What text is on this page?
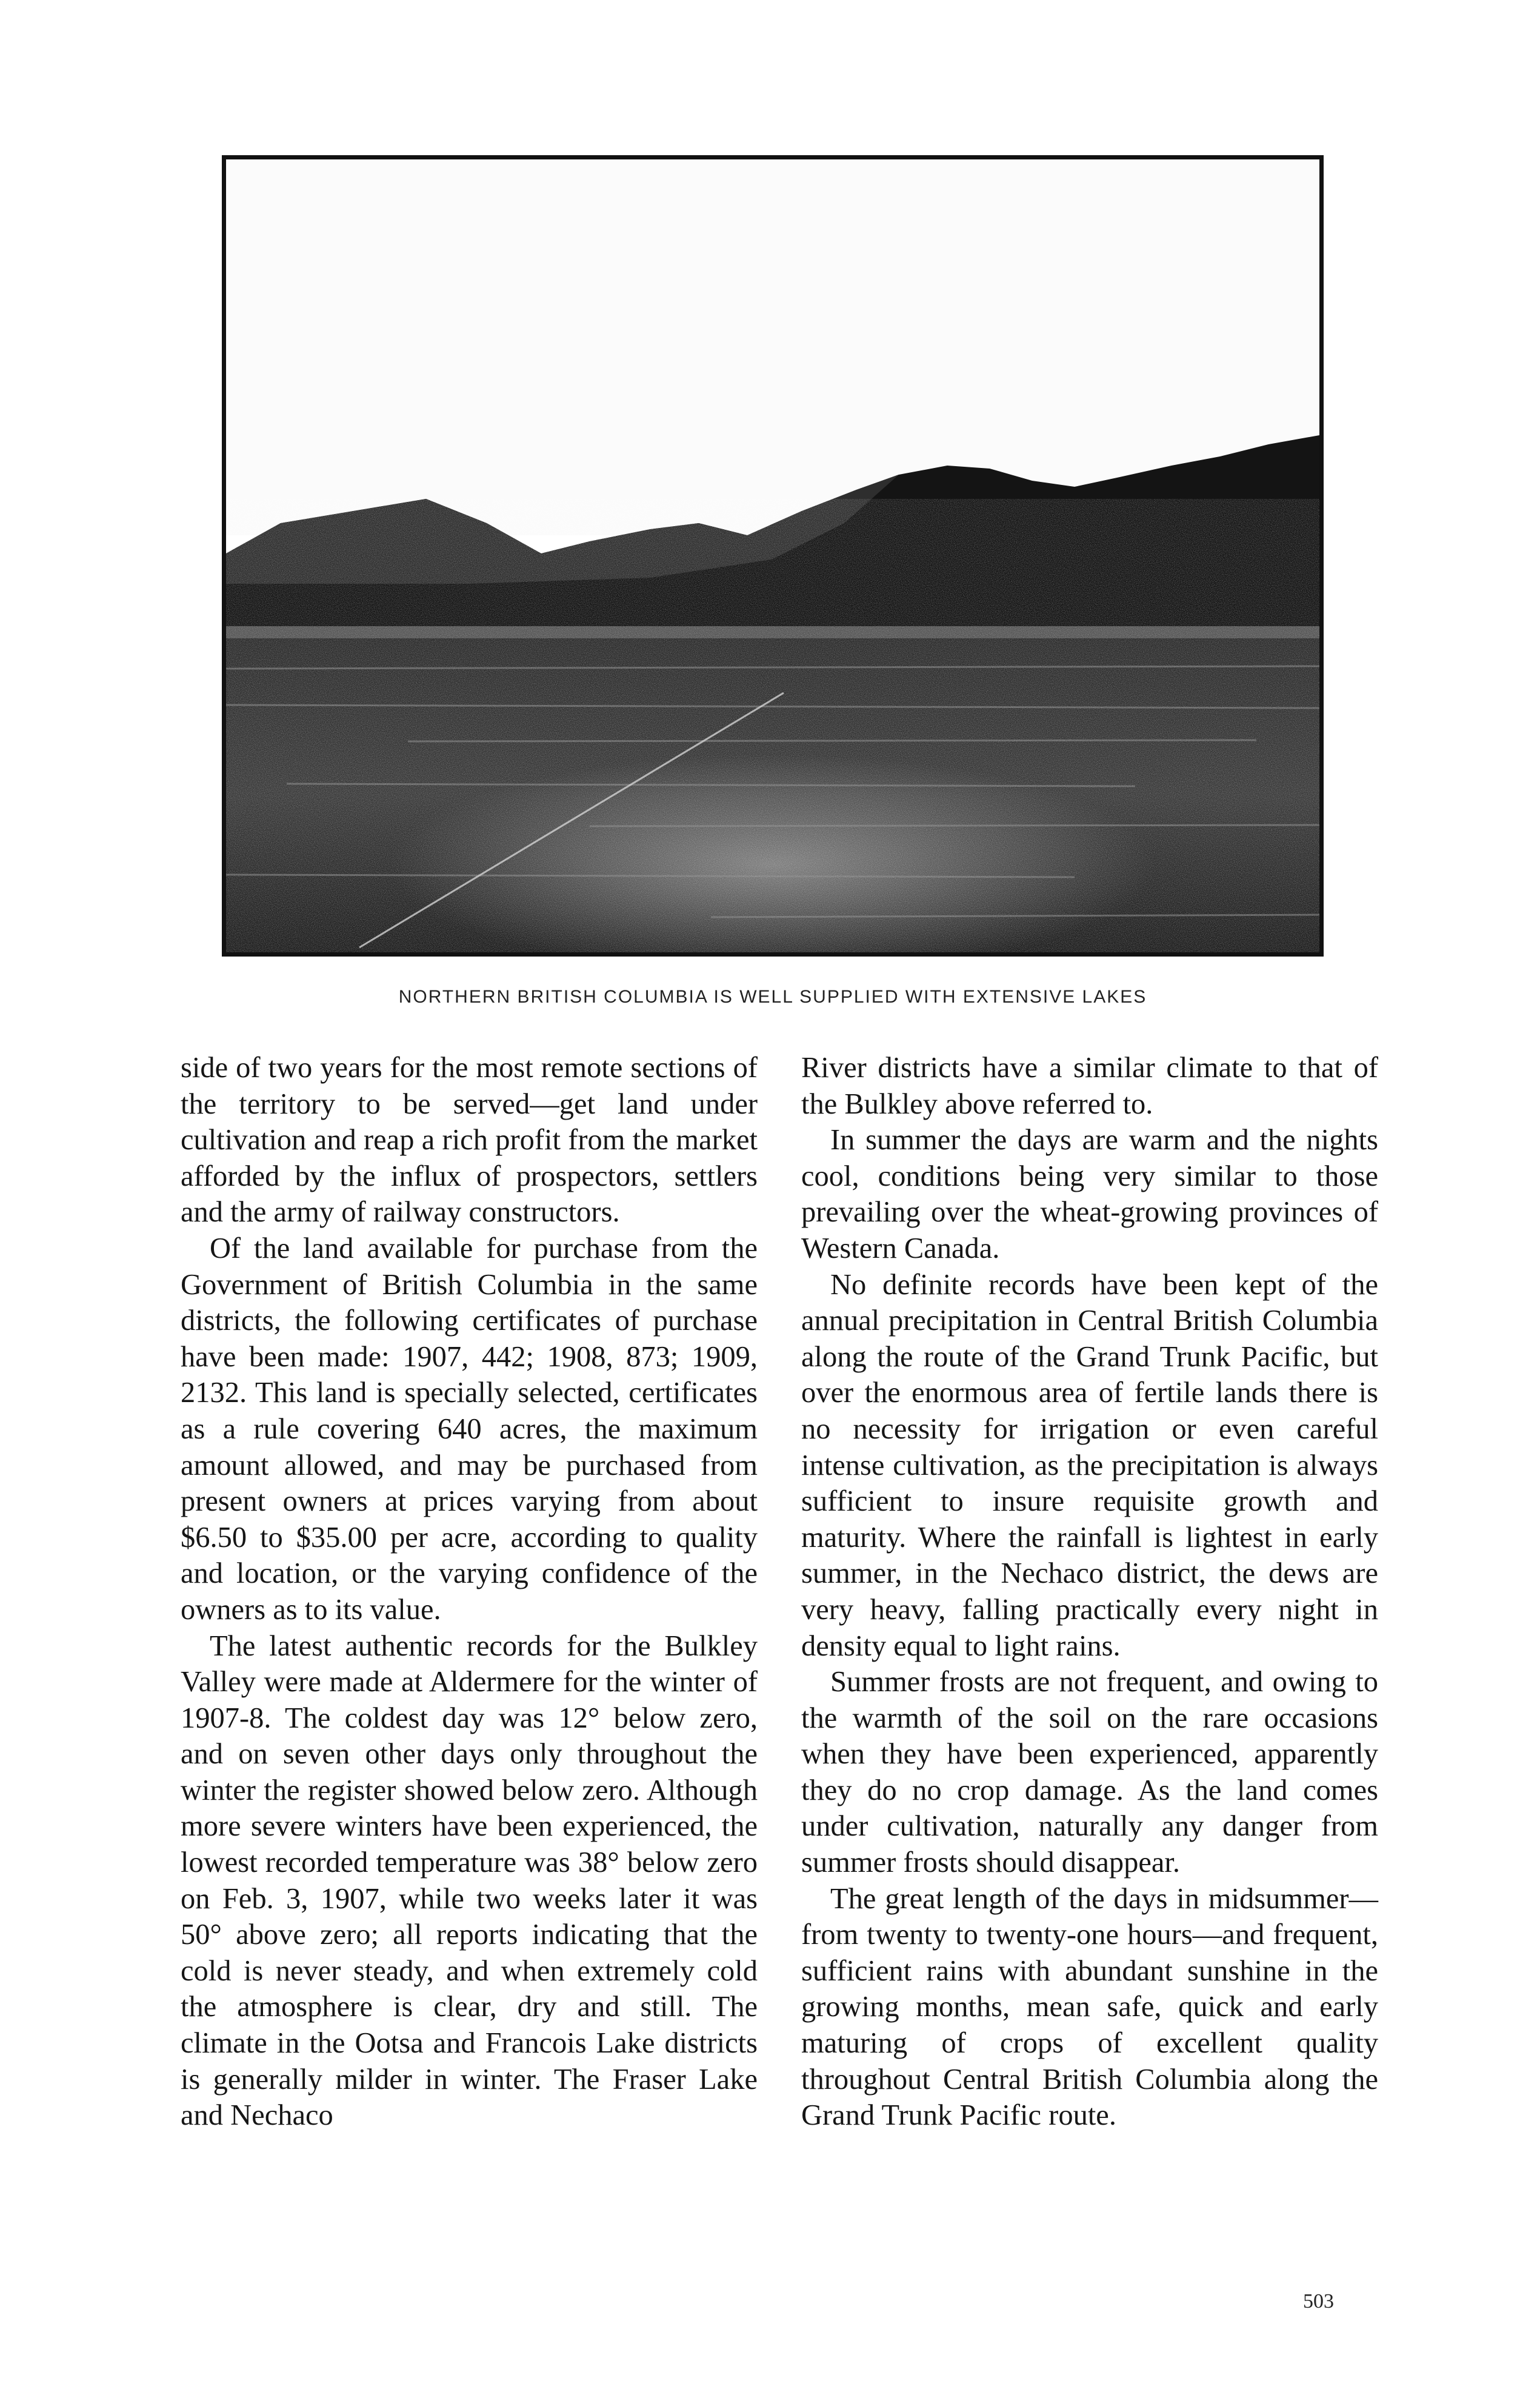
NORTHERN BRITISH COLUMBIA IS WELL SUPPLIED WITH EXTENSIVE LAKES

side of two years for the most remote sections of the territory to be served—get land under cultivation and reap a rich profit from the market afforded by the influx of prospectors, settlers and the army of railway constructors.

Of the land available for purchase from the Government of British Columbia in the same districts, the following certificates of purchase have been made: 1907, 442; 1908, 873; 1909, 2132. This land is specially selected, certificates as a rule covering 640 acres, the maximum amount allowed, and may be purchased from present owners at prices varying from about $6.50 to $35.00 per acre, according to quality and location, or the varying confidence of the owners as to its value.

The latest authentic records for the Bulkley Valley were made at Aldermere for the winter of 1907-8. The coldest day was 12° below zero, and on seven other days only throughout the winter the register showed below zero. Although more severe winters have been experienced, the lowest recorded temperature was 38° below zero on Feb. 3, 1907, while two weeks later it was 50° above zero; all reports indicating that the cold is never steady, and when extremely cold the atmosphere is clear, dry and still. The climate in the Ootsa and Francois Lake districts is generally milder in winter. The Fraser Lake and Nechaco

River districts have a similar climate to that of the Bulkley above referred to.

In summer the days are warm and the nights cool, conditions being very similar to those prevailing over the wheat-growing provinces of Western Canada.

No definite records have been kept of the annual precipitation in Central British Columbia along the route of the Grand Trunk Pacific, but over the enormous area of fertile lands there is no necessity for irrigation or even careful intense cultivation, as the precipitation is always sufficient to insure requisite growth and maturity. Where the rainfall is lightest in early summer, in the Nechaco district, the dews are very heavy, falling practically every night in density equal to light rains.

Summer frosts are not frequent, and owing to the warmth of the soil on the rare occasions when they have been experienced, apparently they do no crop damage. As the land comes under cultivation, naturally any danger from summer frosts should disappear.

The great length of the days in midsummer—from twenty to twenty-one hours—and frequent, sufficient rains with abundant sunshine in the growing months, mean safe, quick and early maturing of crops of excellent quality throughout Central British Columbia along the Grand Trunk Pacific route.

503
